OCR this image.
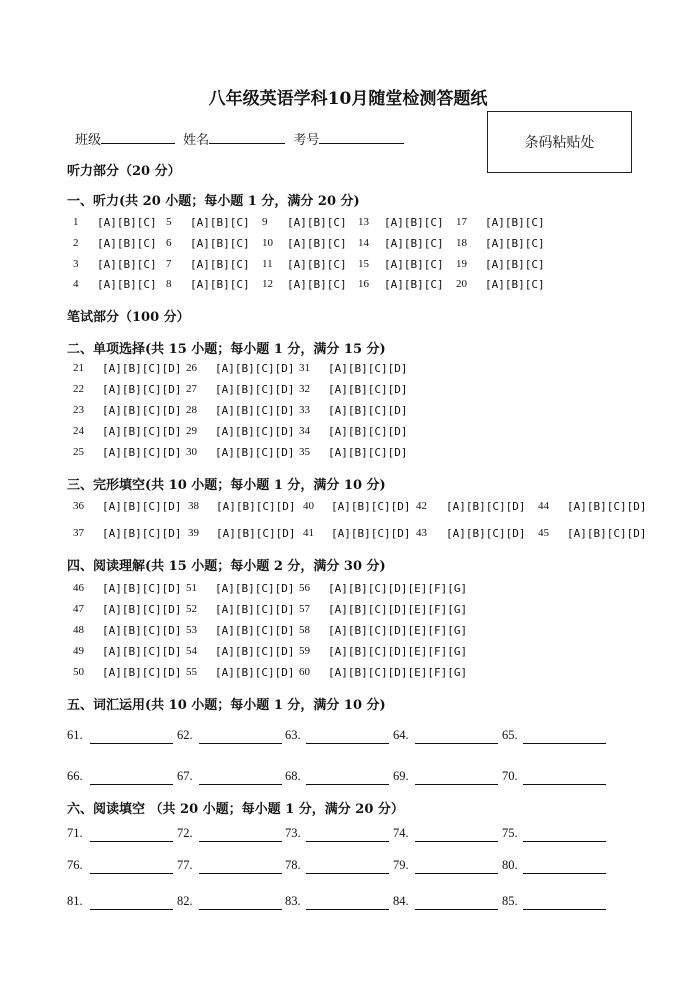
八年级英语学科10月随堂检测答题纸
班级	姓名	考号	条码粘贴处
听力部分（20 分）
一、听力(共 20 小题；每小题 1 分，满分 20 分)
笔试部分（100 分）
二、单项选择(共 15 小题；每小题 1 分，满分 15 分)
三、完形填空(共 10 小题；每小题 1 分，满分 10 分)
四、阅读理解(共 15 小题；每小题 2 分，满分 30 分)
五、词汇运用(共 10 小题；每小题 1 分，满分 10 分)
六、阅读填空 （共 20 小题；每小题 1 分，满分 20 分）
1 [A][B][C] 5 [A][B][C] 9 [A][B][C] 13 [A][B][C] 17 [A][B][C]
2 [A][B][C] 6 [A][B][C] 10 [A][B][C] 14 [A][B][C] 18 [A][B][C]
3 [A][B][C] 7 [A][B][C] 11 [A][B][C] 15 [A][B][C] 19 [A][B][C]
4 [A][B][C] 8 [A][B][C] 12 [A][B][C] 16 [A][B][C] 20 [A][B][C]
21 [A][B][C][D] 26 [A][B][C][D] 31 [A][B][C][D]
22 [A][B][C][D] 27 [A][B][C][D] 32 [A][B][C][D]
23 [A][B][C][D] 28 [A][B][C][D] 33 [A][B][C][D]
24 [A][B][C][D] 29 [A][B][C][D] 34 [A][B][C][D]
25 [A][B][C][D] 30 [A][B][C][D] 35 [A][B][C][D]
36 [A][B][C][D] 38 [A][B][C][D] 40 [A][B][C][D] 42 [A][B][C][D] 44 [A][B][C][D]
37 [A][B][C][D] 39 [A][B][C][D] 41 [A][B][C][D] 43 [A][B][C][D] 45 [A][B][C][D]
46 [A][B][C][D] 51 [A][B][C][D] 56 [A][B][C][D][E][F][G]
47 [A][B][C][D] 52 [A][B][C][D] 57 [A][B][C][D][E][F][G]
48 [A][B][C][D] 53 [A][B][C][D] 58 [A][B][C][D][E][F][G]
49 [A][B][C][D] 54 [A][B][C][D] 59 [A][B][C][D][E][F][G]
50 [A][B][C][D] 55 [A][B][C][D] 60 [A][B][C][D][E][F][G]
61.	62.	63.	64.	65.
66.	67.	68.	69.	70.
71.	72.	73.	74.	75.
76.	77.	78.	79.	80.
81.	82.	83.	84.	85.
